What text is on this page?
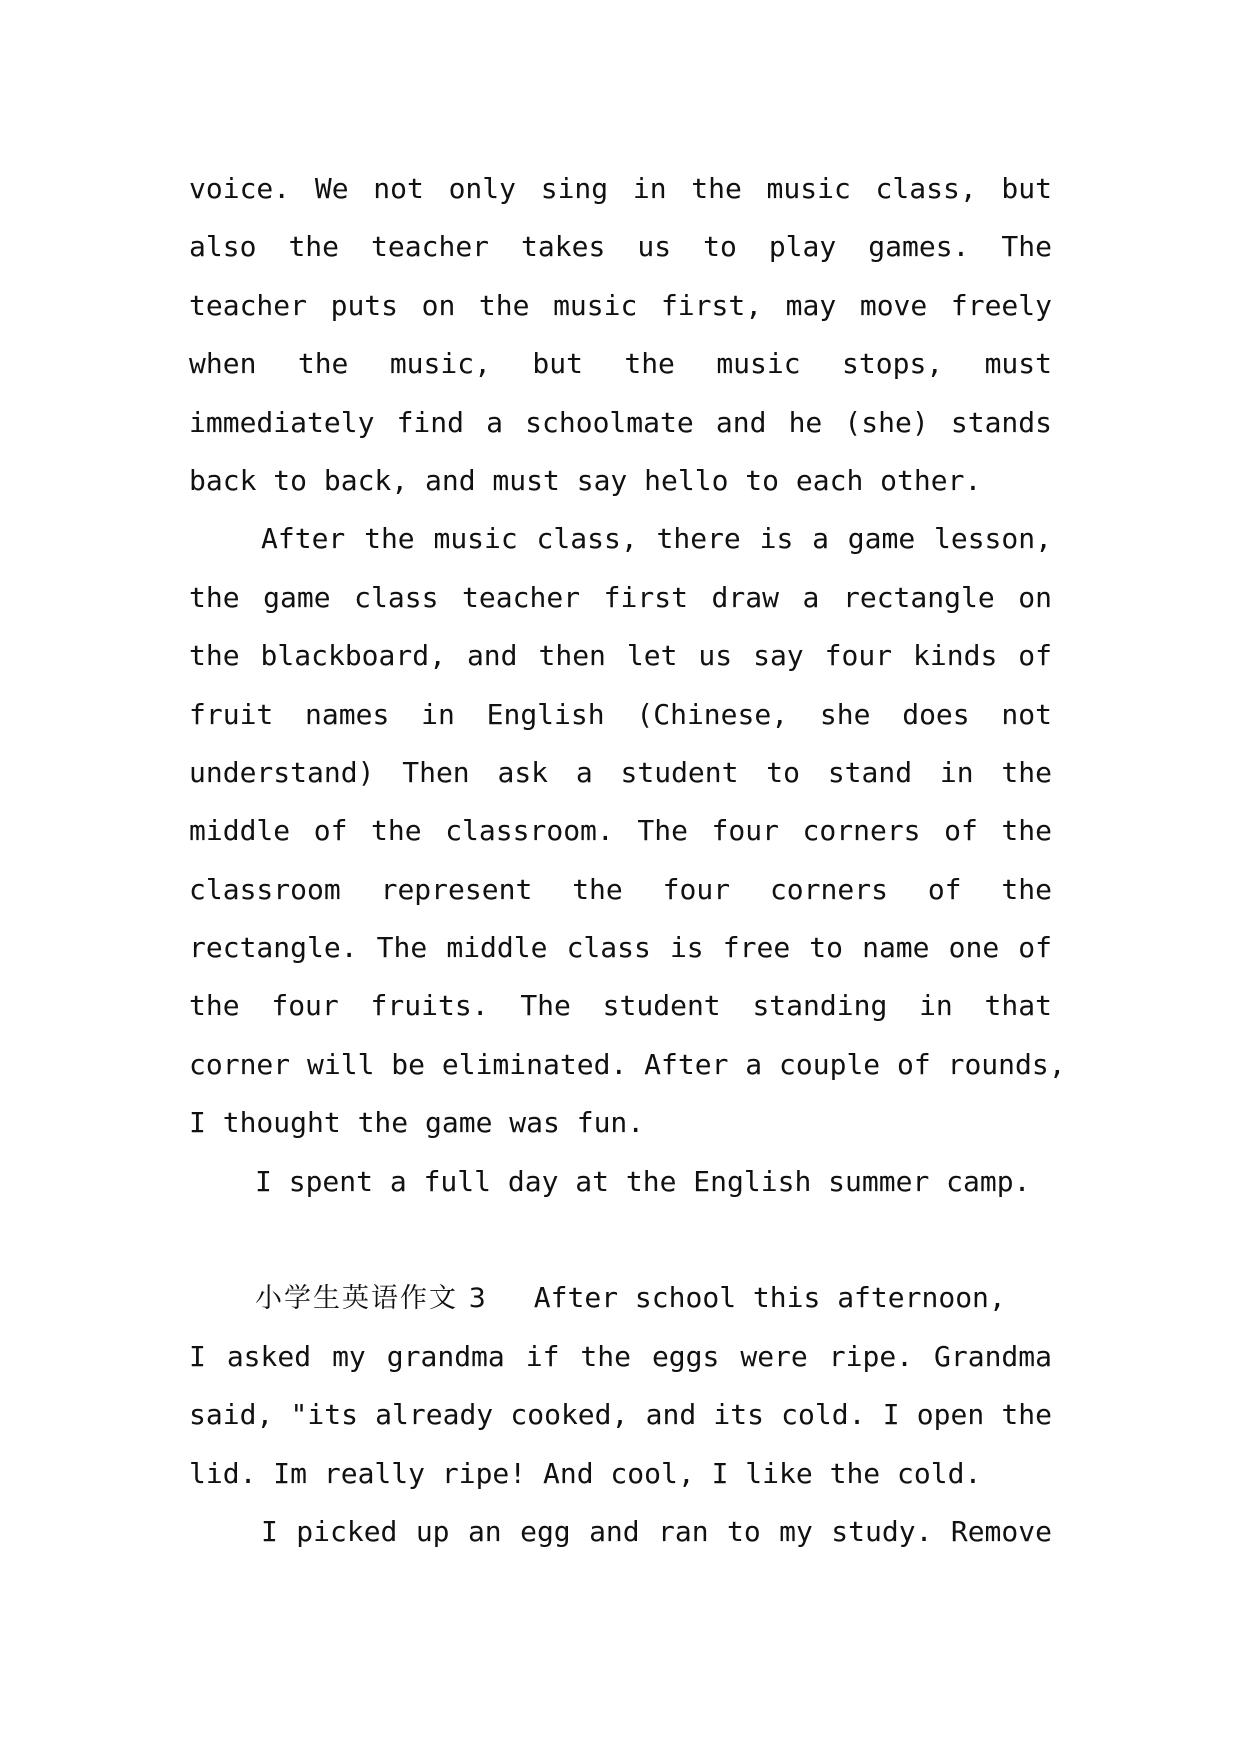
voice. We not only sing in the music class, but
also the teacher takes us to play games. The
teacher puts on the music first, may move freely
when the music, but the music stops, must
immediately find a schoolmate and he (she) stands
back to back, and must say hello to each other.
After the music class, there is a game lesson,
the game class teacher first draw a rectangle on
the blackboard, and then let us say four kinds of
fruit names in English (Chinese, she does not
understand) Then ask a student to stand in the
middle of the classroom. The four corners of the
classroom represent the four corners of the
rectangle. The middle class is free to name one of
the four fruits. The student standing in that
corner will be eliminated. After a couple of rounds,
I thought the game was fun.
I spent a full day at the English summer camp.
小学生英语作文 3 After school this afternoon,
I asked my grandma if the eggs were ripe. Grandma
said, "its already cooked, and its cold. I open the
lid. Im really ripe! And cool, I like the cold.
I picked up an egg and ran to my study. Remove
